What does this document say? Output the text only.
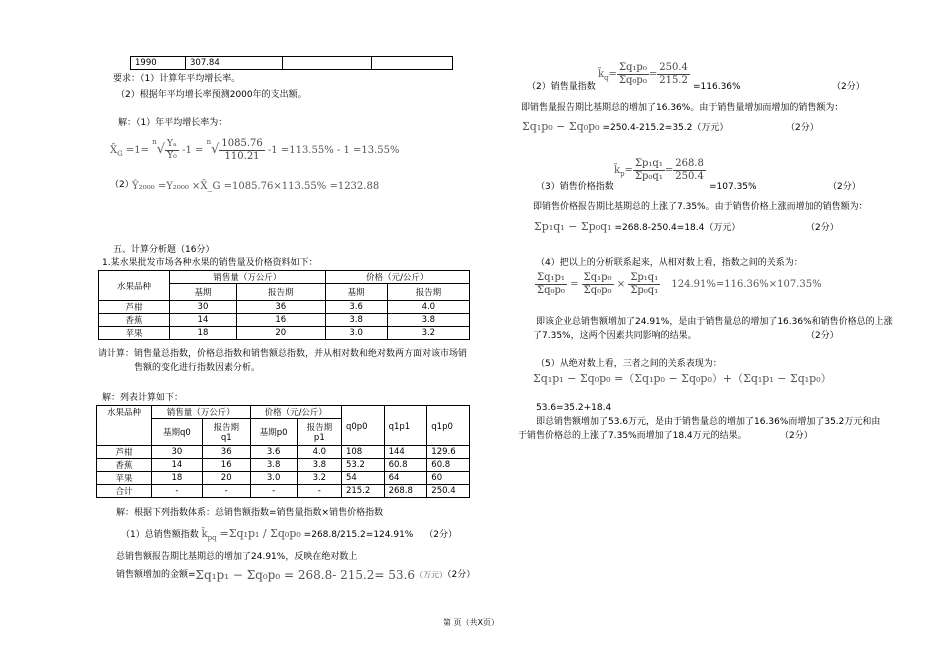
1990	307.84		
要求：（1）计算年平均增长率。
（2）根据年平均增长率预测2000年的支出额。
解：（1）年平均增长率为：
$X̄_G =1= ^n√ \frac{\text{Yₙ}}{\text{Y₀}} -1 = ^n√ \frac{1085.76}{110.21} -1 =113.55\% - 1 =13.55\%$
（2）
Ŷ₂₀₀₀ =Y₂₀₀₀ ×X̄_G =1085.76×113.55% =1232.88
五、计算分析题（16分）
1.某水果批发市场各种水果的销售量及价格资料如下：
水果品种	销售量（万公斤）		价格（元/公斤）	
	基期	报告期	基期	报告期
芦柑	30	36	3.6	4.0
香蕉	14	16	3.8	3.8
苹果	18	20	3.0	3.2
请计算：销售量总指数，价格总指数和销售额总指数，并从相对数和绝对数两方面对该市场销
售额的变化进行指数因素分析。
解：列表计算如下：
水果品种	销售量（万公斤）		价格（元/公斤）		q0p0	q1p1	q1p0
	基期q0	报告期
q1	基期p0	报告期
p1			
芦柑	30	36	3.6	4.0	108	144	129.6
香蕉	14	16	3.8	3.8	53.2	60.8	60.8
苹果	18	20	3.0	3.2	54	64	60
合计	-	-	-	-	215.2	268.8	250.4
解：根据下列指数体系：总销售额指数=销售量指数×销售价格指数
（1）总销售额指数 $k̄_{pq} =\Sigma q_1p_1 / \Sigma q_0p_0 =268.8/215.2=124.91\%$ （2分）
总销售额报告期比基期总的增加了24.91%，反映在绝对数上
销售额增加的金额=Σq₁p₁ − Σq₀p₀ = 268.8- 215.2= 53.6（万元）（2分）
（2）销售量指数
$k̄_q= \frac{\text{Σq₁p₀}}{\text{Σq₀p₀}} = \frac{250.4}{215.2} =116.36\%$	（2分）
即销售量报告期比基期总的增加了16.36%。由于销售量增加而增加的销售额为：
Σq₁p₀ − Σq₀p₀ =250.4-215.2=35.2（万元）	（2分）
$k̄_p= \frac{\text{Σp₁q₁}}{\text{Σp₀q₁}} = \frac{268.8}{250.4}$
（3）销售价格指数	=107.35%	（2分）
即销售价格报告期比基期总的上涨了7.35%。由于销售价格上涨而增加的销售额为：
Σp₁q₁ − Σp₀q₁ =268.8-250.4=18.4（万元）	（2分）
（4）把以上的分析联系起来，从相对数上看，指数之间的关系为：
$\frac{\text{Σq₁p₁}}{\text{Σq₀p₀}} = \frac{\text{Σq₁p₀}}{\text{Σq₀p₀}} \times \frac{\text{Σp₁q₁}}{\text{Σp₀q₁}} 124.91\%=116.36\%\times 107.35\%$
即该企业总销售额增加了24.91%，是由于销售量总的增加了16.36%和销售价格总的上涨
了7.35%，这两个因素共同影响的结果。	（2分）
（5）从绝对数上看，三者之间的关系表现为：
Σq₁p₁ − Σq₀p₀ =（Σq₁p₀ − Σq₀p₀）+（Σq₁p₁ − Σq₁p₀）
53.6=35.2+18.4
即总销售额增加了53.6万元，是由于销售量总的增加了16.36%而增加了35.2万元和由
于销售价格总的上涨了7.35%而增加了18.4万元的结果。	（2分）
第 页（共X页）
